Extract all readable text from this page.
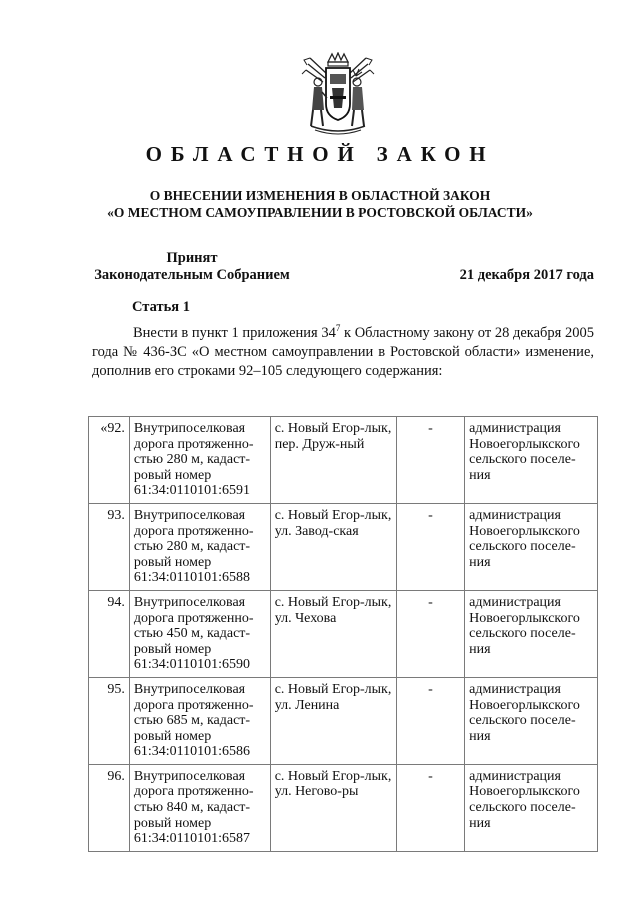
ОБЛАСТНОЙ ЗАКОН
О ВНЕСЕНИИ ИЗМЕНЕНИЯ В ОБЛАСТНОЙ ЗАКОН
«О МЕСТНОМ САМОУПРАВЛЕНИИ В РОСТОВСКОЙ ОБЛАСТИ»
Принят
Законодательным Собранием	21 декабря 2017 года
Статья 1
Внести в пункт 1 приложения $34^7$ к Областному закону от 28 декабря 2005 года № 436-ЗС «О местном самоуправлении в Ростовской области» изменение, дополнив его строками 92–105 следующего содержания:
«92.	Внутрипоселковая дорога протяженно-стью 280 м, кадаст-ровый номер 61:34:0110101:6591	с. Новый Егор-лык, пер. Друж-ный	-	администрация Новоегорлыкского сельского поселе-ния
93.	Внутрипоселковая дорога протяженно-стью 280 м, кадаст-ровый номер 61:34:0110101:6588	с. Новый Егор-лык, ул. Завод-ская	-	администрация Новоегорлыкского сельского поселе-ния
94.	Внутрипоселковая дорога протяженно-стью 450 м, кадаст-ровый номер 61:34:0110101:6590	с. Новый Егор-лык, ул. Чехова	-	администрация Новоегорлыкского сельского поселе-ния
95.	Внутрипоселковая дорога протяженно-стью 685 м, кадаст-ровый номер 61:34:0110101:6586	с. Новый Егор-лык, ул. Ленина	-	администрация Новоегорлыкского сельского поселе-ния
96.	Внутрипоселковая дорога протяженно-стью 840 м, кадаст-ровый номер 61:34:0110101:6587	с. Новый Егор-лык, ул. Негово-ры	-	администрация Новоегорлыкского сельского поселе-ния
